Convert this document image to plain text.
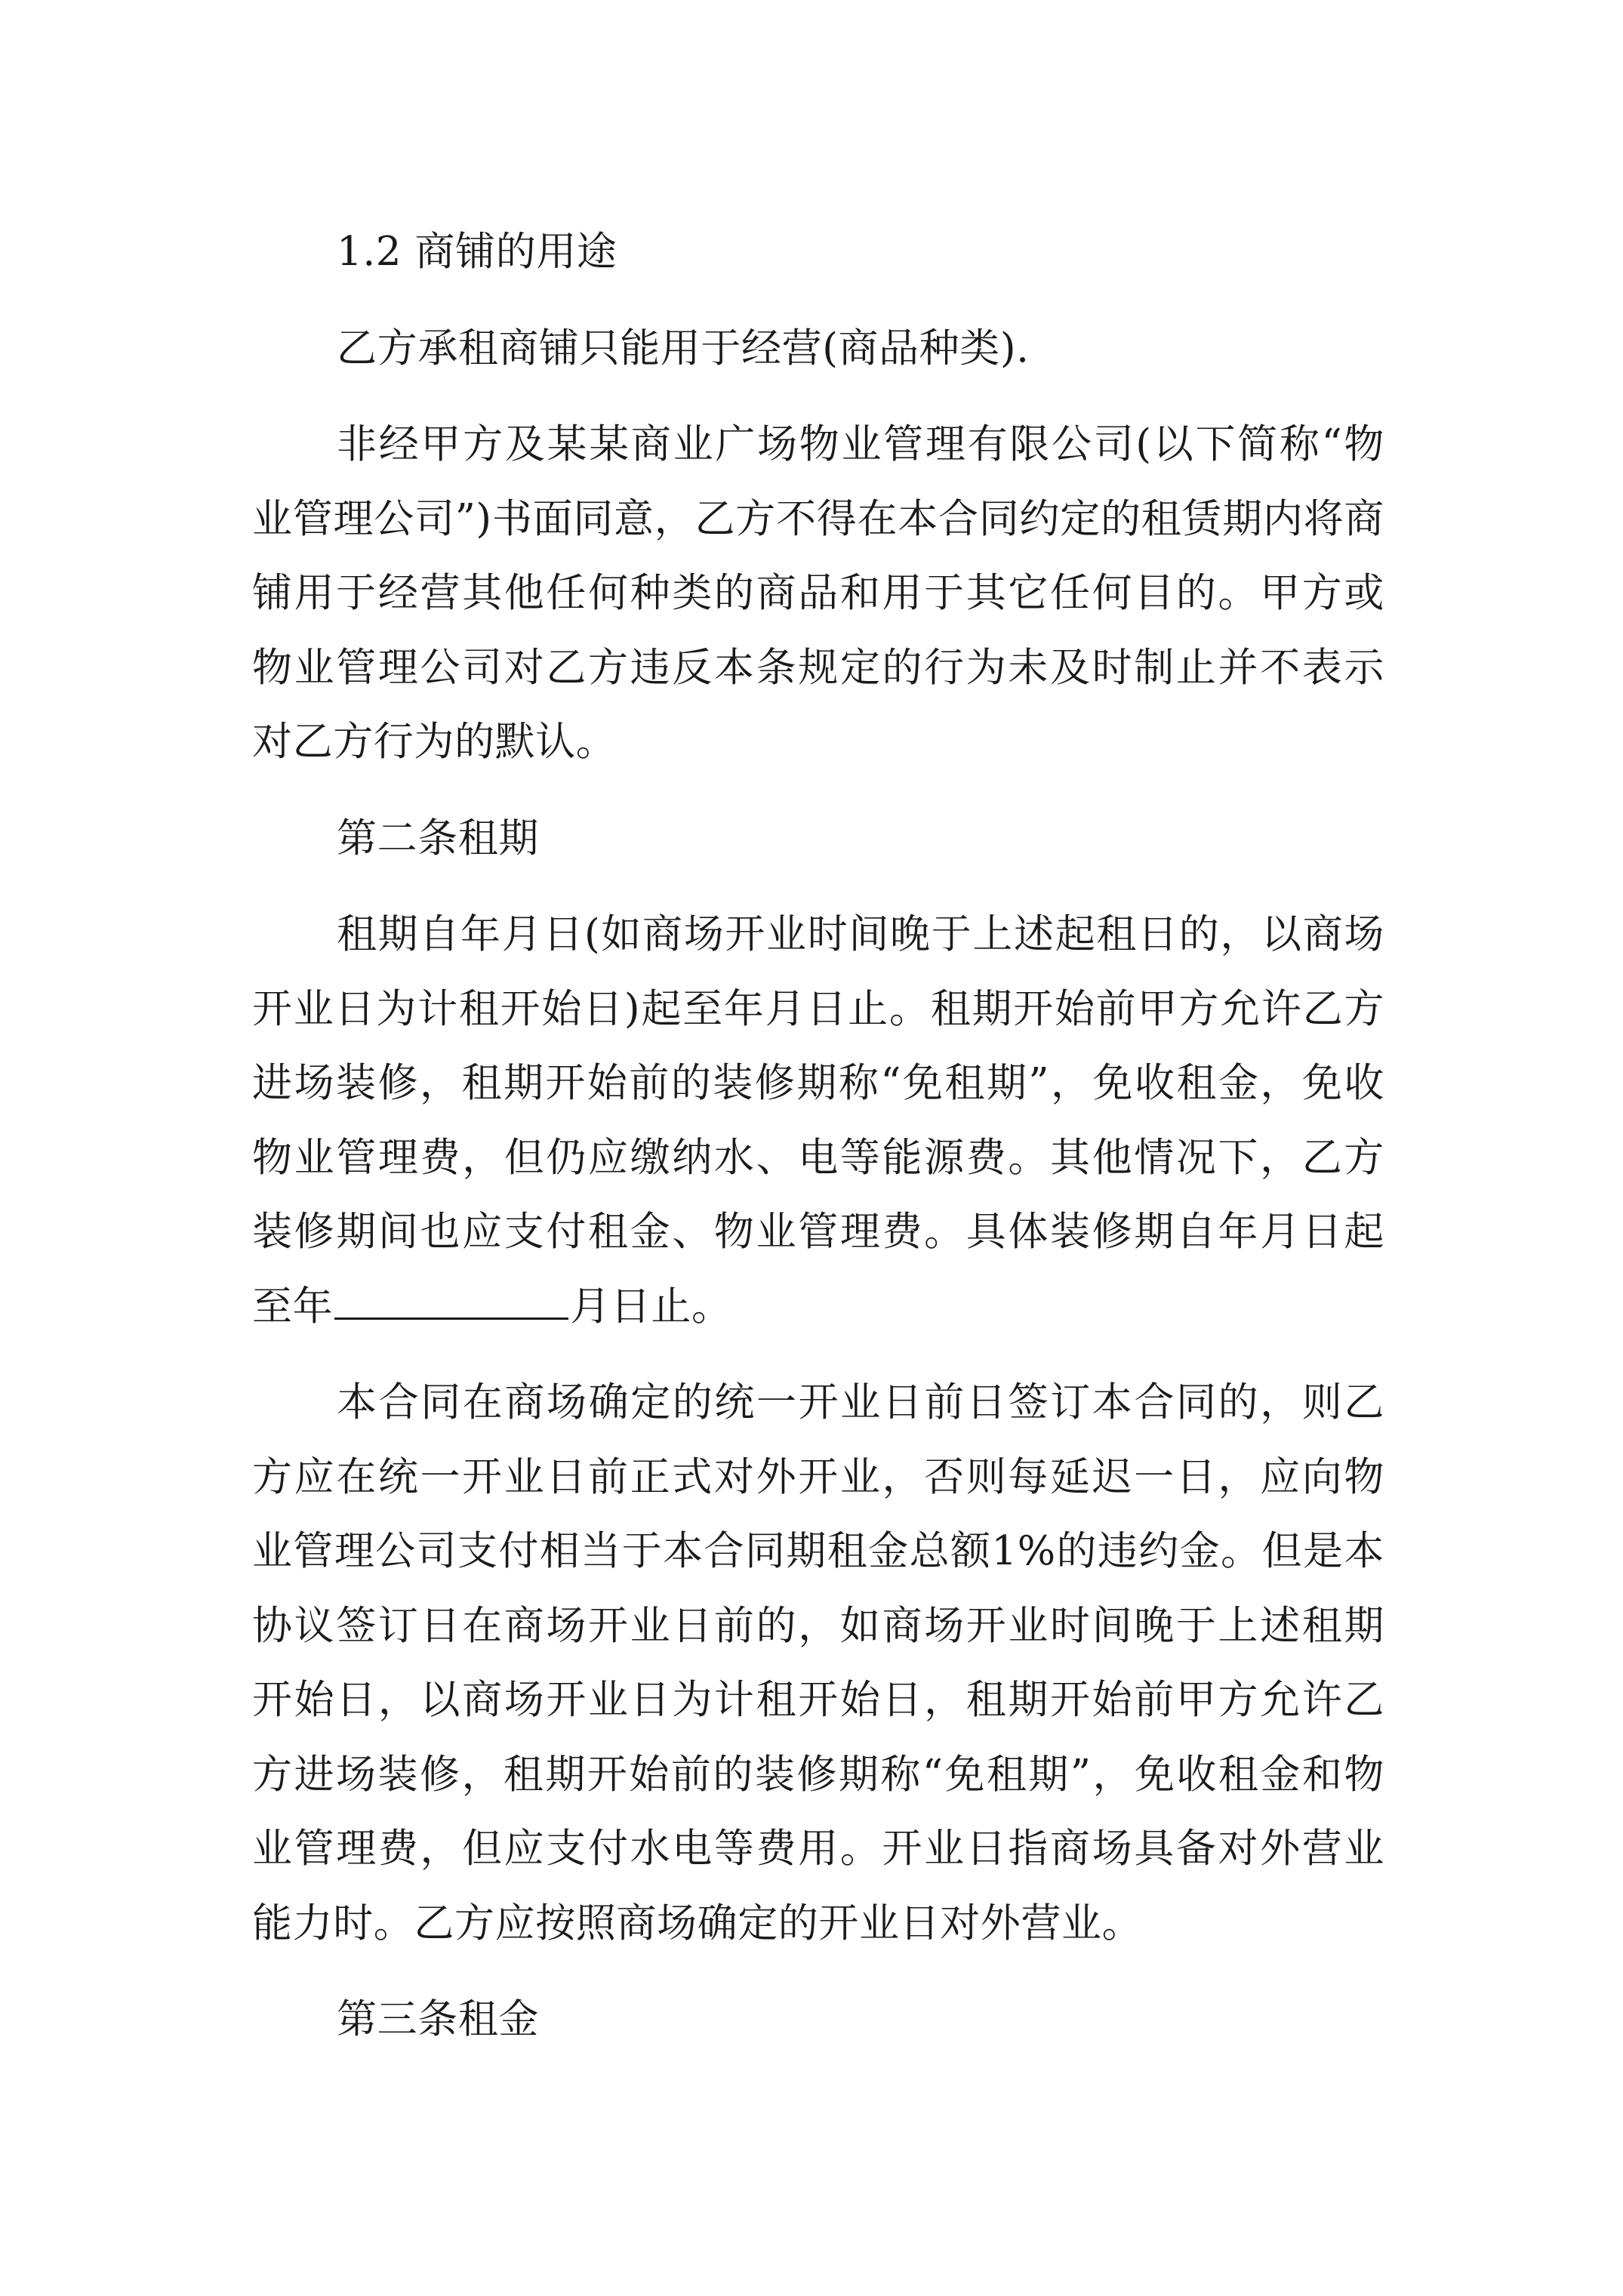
1.2 商铺的用途

乙方承租商铺只能用于经营(商品种类).

非经甲方及某某商业广场物业管理有限公司(以下简称“物业管理公司”)书面同意，乙方不得在本合同约定的租赁期内将商铺用于经营其他任何种类的商品和用于其它任何目的。甲方或物业管理公司对乙方违反本条规定的行为未及时制止并不表示对乙方行为的默认。

第二条租期

租期自年月日(如商场开业时间晚于上述起租日的，以商场开业日为计租开始日)起至年月日止。租期开始前甲方允许乙方进场装修，租期开始前的装修期称“免租期”，免收租金，免收物业管理费，但仍应缴纳水、电等能源费。其他情况下，乙方装修期间也应支付租金、物业管理费。具体装修期自年月日起至年	月日止。

本合同在商场确定的统一开业日前日签订本合同的，则乙方应在统一开业日前正式对外开业，否则每延迟一日，应向物业管理公司支付相当于本合同期租金总额1%的违约金。但是本协议签订日在商场开业日前的，如商场开业时间晚于上述租期开始日，以商场开业日为计租开始日，租期开始前甲方允许乙方进场装修，租期开始前的装修期称“免租期”，免收租金和物业管理费，但应支付水电等费用。开业日指商场具备对外营业能力时。乙方应按照商场确定的开业日对外营业。

第三条租金
